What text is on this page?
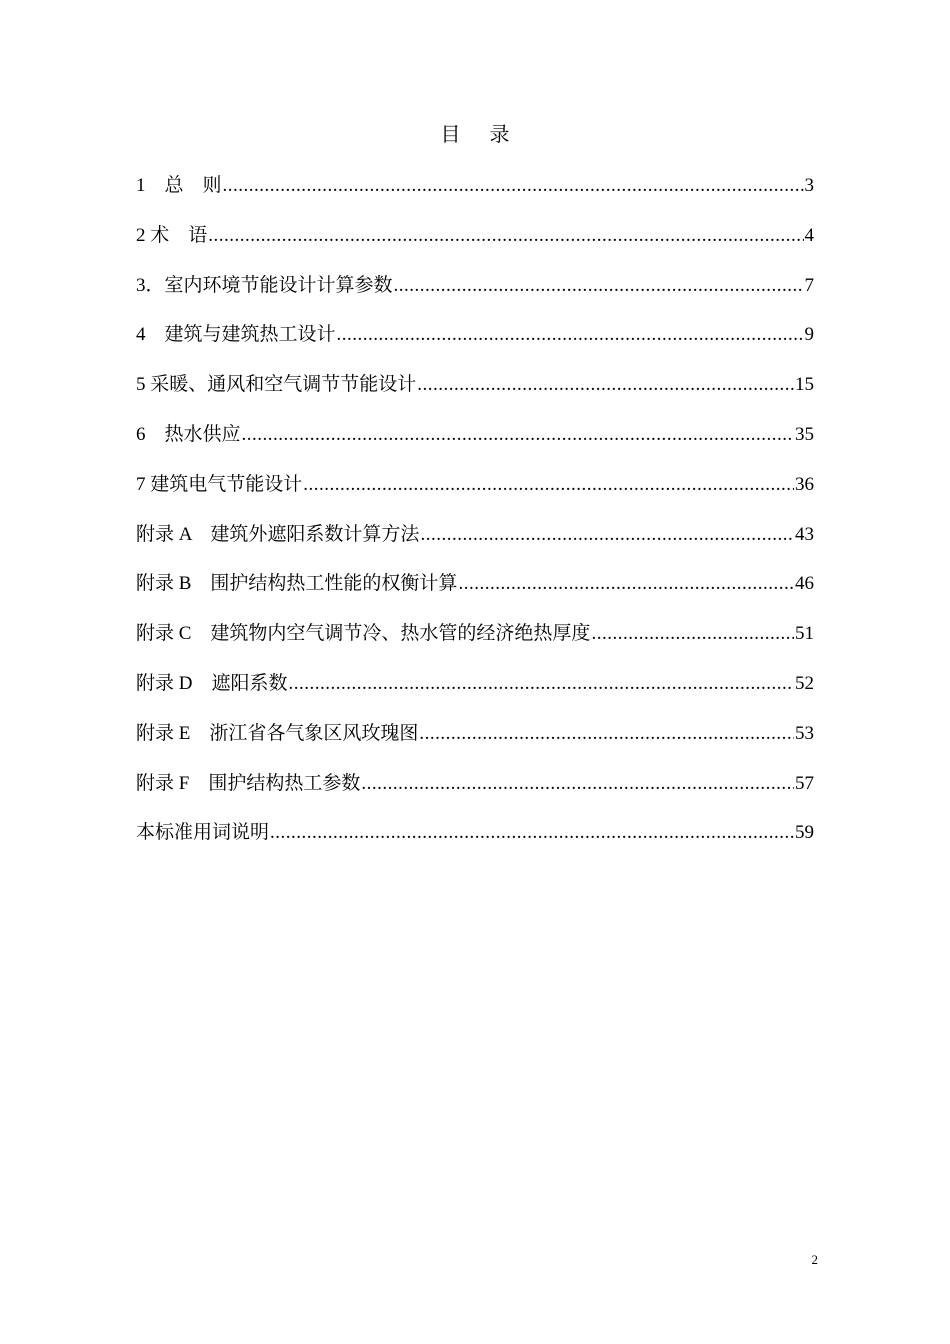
目 录
1　总　则 .....	3
2 术　语 .....	4
3．室内环境节能设计计算参数 .....	7
4　建筑与建筑热工设计 .....	9
5 采暖、通风和空气调节节能设计 .....	15
6　热水供应 .....	35
7 建筑电气节能设计 .....	36
附录 A　建筑外遮阳系数计算方法 .....	43
附录 B　围护结构热工性能的权衡计算 .....	46
附录 C　建筑物内空气调节冷、热水管的经济绝热厚度 .....	51
附录 D　遮阳系数 .....	52
附录 E　浙江省各气象区风玫瑰图 .....	53
附录 F　围护结构热工参数 .....	57
本标准用词说明 .....	59
2
